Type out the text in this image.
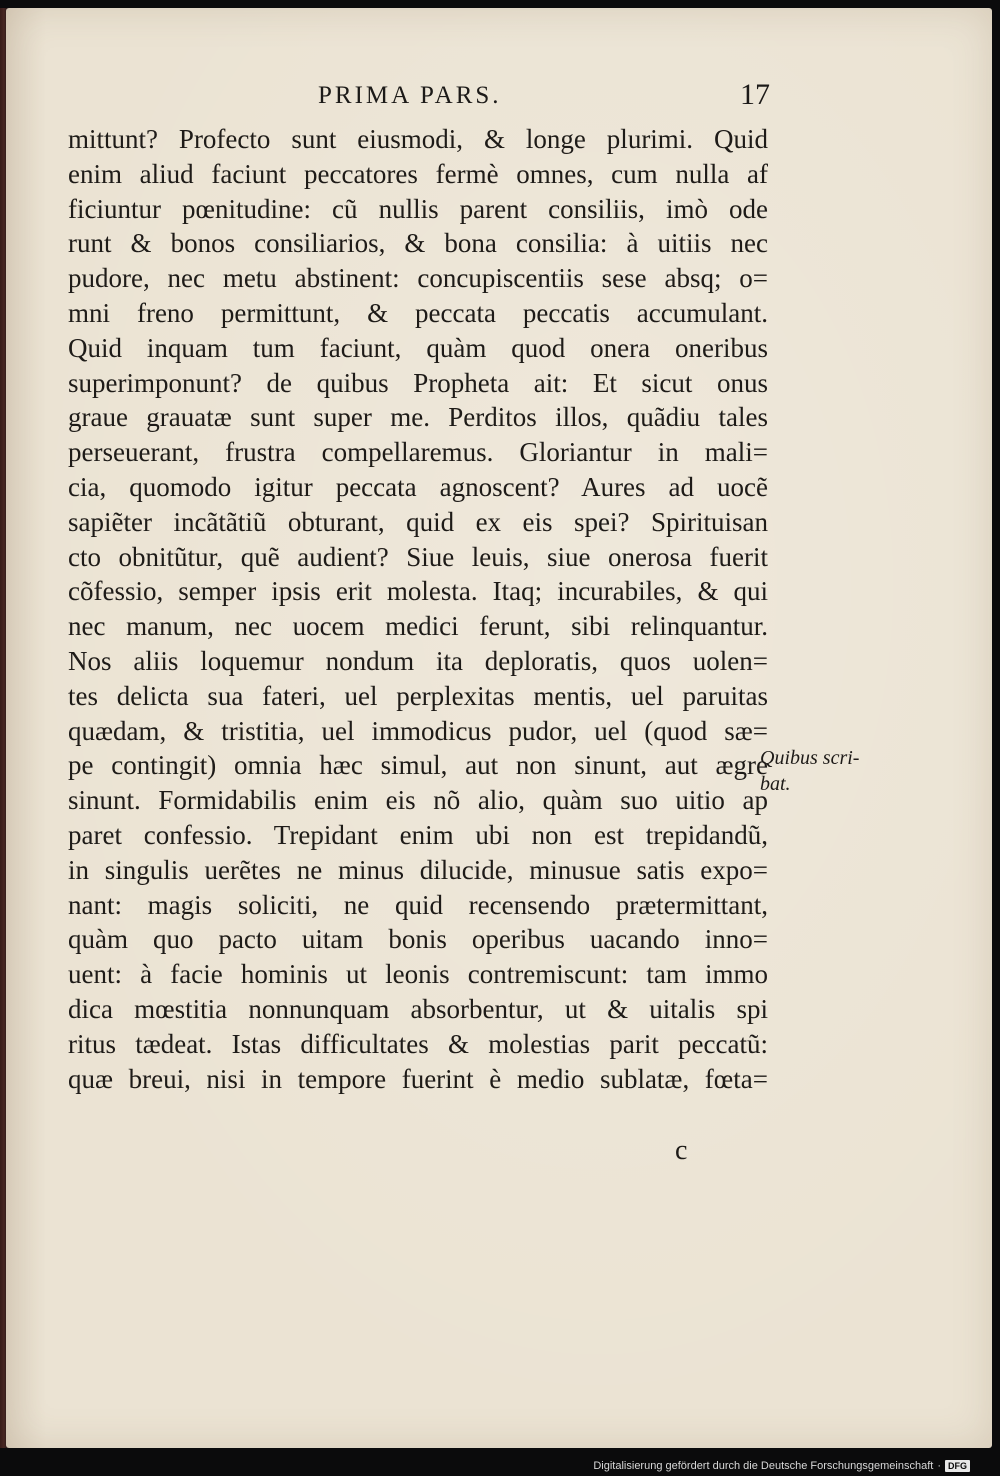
PRIMA PARS.	17
mittunt? Profecto sunt eiusmodi, & longe plurimi. Quid
enim aliud faciunt peccatores fermè omnes, cum nulla af
ficiuntur pœnitudine: cũ nullis parent consiliis, imò ode
runt & bonos consiliarios, & bona consilia: à uitiis nec
pudore, nec metu abstinent: concupiscentiis sese absq; o=
mni freno permittunt, & peccata peccatis accumulant.
Quid inquam tum faciunt, quàm quod onera oneribus
superimponunt? de quibus Propheta ait: Et sicut onus
graue grauatæ sunt super me. Perditos illos, quãdiu tales
perseuerant, frustra compellaremus. Gloriantur in mali=
cia, quomodo igitur peccata agnoscent? Aures ad uocẽ
sapiẽter incãtãtiũ obturant, quid ex eis spei? Spirituisan
cto obnitũtur, quẽ audient? Siue leuis, siue onerosa fuerit
cõfessio, semper ipsis erit molesta. Itaq; incurabiles, & qui
nec manum, nec uocem medici ferunt, sibi relinquantur.
Nos aliis loquemur nondum ita deploratis, quos uolen=
tes delicta sua fateri, uel perplexitas mentis, uel paruitas
quædam, & tristitia, uel immodicus pudor, uel (quod sæ=
pe contingit) omnia hæc simul, aut non sinunt, aut ægre
sinunt. Formidabilis enim eis nõ alio, quàm suo uitio ap
paret confessio. Trepidant enim ubi non est trepidandũ,
in singulis uerẽtes ne minus dilucide, minusue satis expo=
nant: magis soliciti, ne quid recensendo prætermittant,
quàm quo pacto uitam bonis operibus uacando inno=
uent: à facie hominis ut leonis contremiscunt: tam immo
dica mœstitia nonnunquam absorbentur, ut & uitalis spi
ritus tædeat. Istas difficultates & molestias parit peccatũ:
quæ breui, nisi in tempore fuerint è medio sublatæ, fœta=
Quibus scri-
bat.
c
Digitalisierung gefördert durch die Deutsche Forschungsgemeinschaft · DFG
